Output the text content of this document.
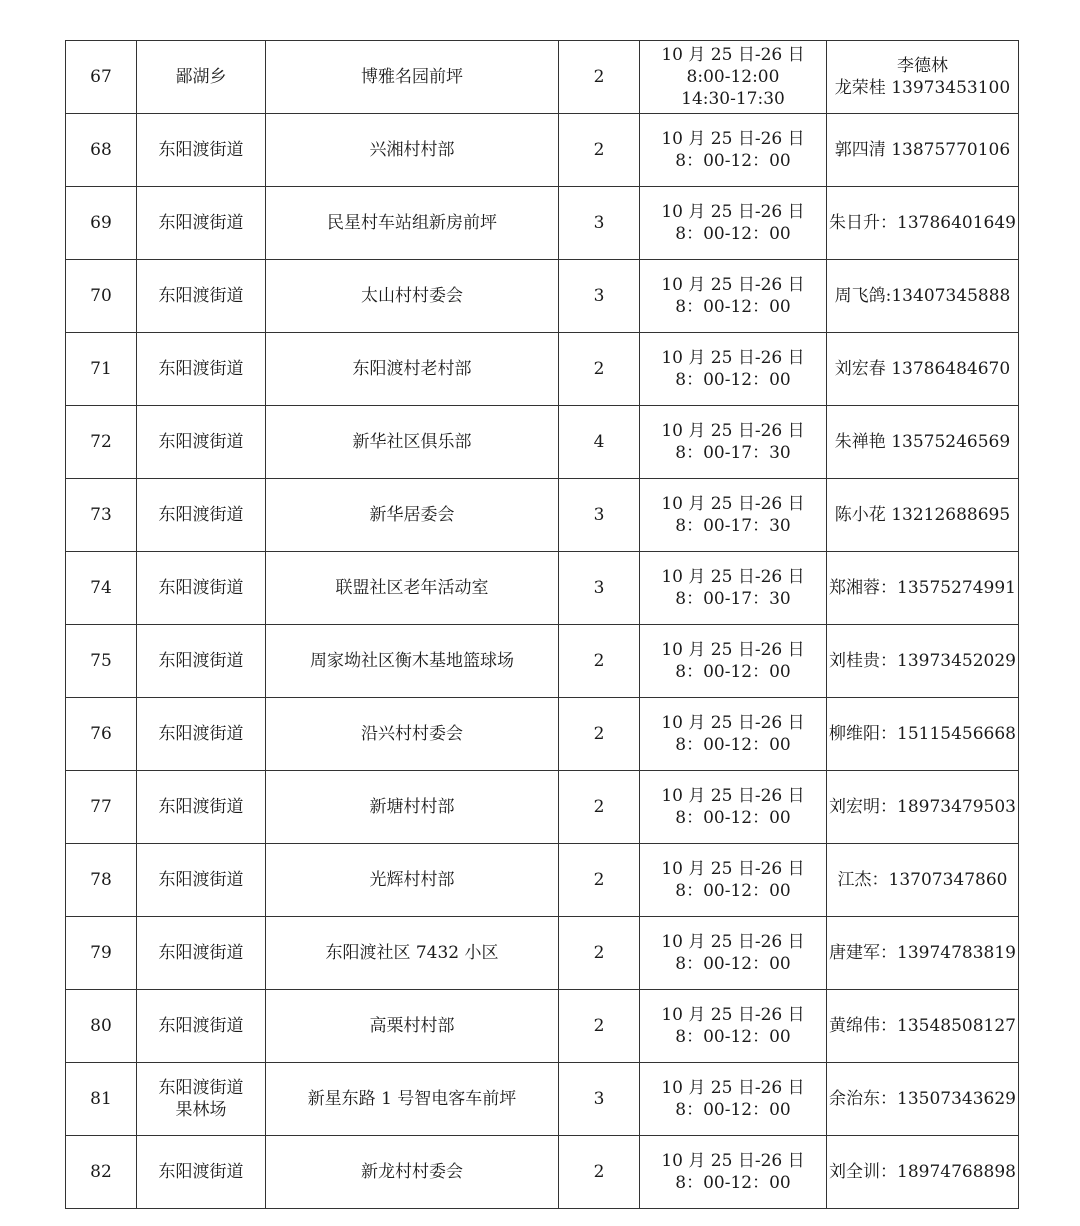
67	鄙湖乡	博雅名园前坪	2	10 月 25 日-26 日
8:00-12:00
14:30-17:30	李德林
龙荣桂 13973453100

68	东阳渡街道	兴湘村村部	2	10 月 25 日-26 日
8：00-12：00	郭四清 13875770106

69	东阳渡街道	民星村车站组新房前坪	3	10 月 25 日-26 日
8：00-12：00	朱日升：13786401649

70	东阳渡街道	太山村村委会	3	10 月 25 日-26 日
8：00-12：00	周飞鸽:13407345888

71	东阳渡街道	东阳渡村老村部	2	10 月 25 日-26 日
8：00-12：00	刘宏春 13786484670

72	东阳渡街道	新华社区俱乐部	4	10 月 25 日-26 日
8：00-17：30	朱禅艳 13575246569

73	东阳渡街道	新华居委会	3	10 月 25 日-26 日
8：00-17：30	陈小花 13212688695

74	东阳渡街道	联盟社区老年活动室	3	10 月 25 日-26 日
8：00-17：30	郑湘蓉：13575274991

75	东阳渡街道	周家坳社区衡木基地篮球场	2	10 月 25 日-26 日
8：00-12：00	刘桂贵：13973452029

76	东阳渡街道	沿兴村村委会	2	10 月 25 日-26 日
8：00-12：00	柳维阳：15115456668

77	东阳渡街道	新塘村村部	2	10 月 25 日-26 日
8：00-12：00	刘宏明：18973479503

78	东阳渡街道	光辉村村部	2	10 月 25 日-26 日
8：00-12：00	江杰：13707347860

79	东阳渡街道	东阳渡社区 7432 小区	2	10 月 25 日-26 日
8：00-12：00	唐建军：13974783819

80	东阳渡街道	高栗村村部	2	10 月 25 日-26 日
8：00-12：00	黄绵伟：13548508127

81	东阳渡街道
果林场	新星东路 1 号智电客车前坪	3	10 月 25 日-26 日
8：00-12：00	余治东：13507343629

82	东阳渡街道	新龙村村委会	2	10 月 25 日-26 日
8：00-12：00	刘全训：18974768898
